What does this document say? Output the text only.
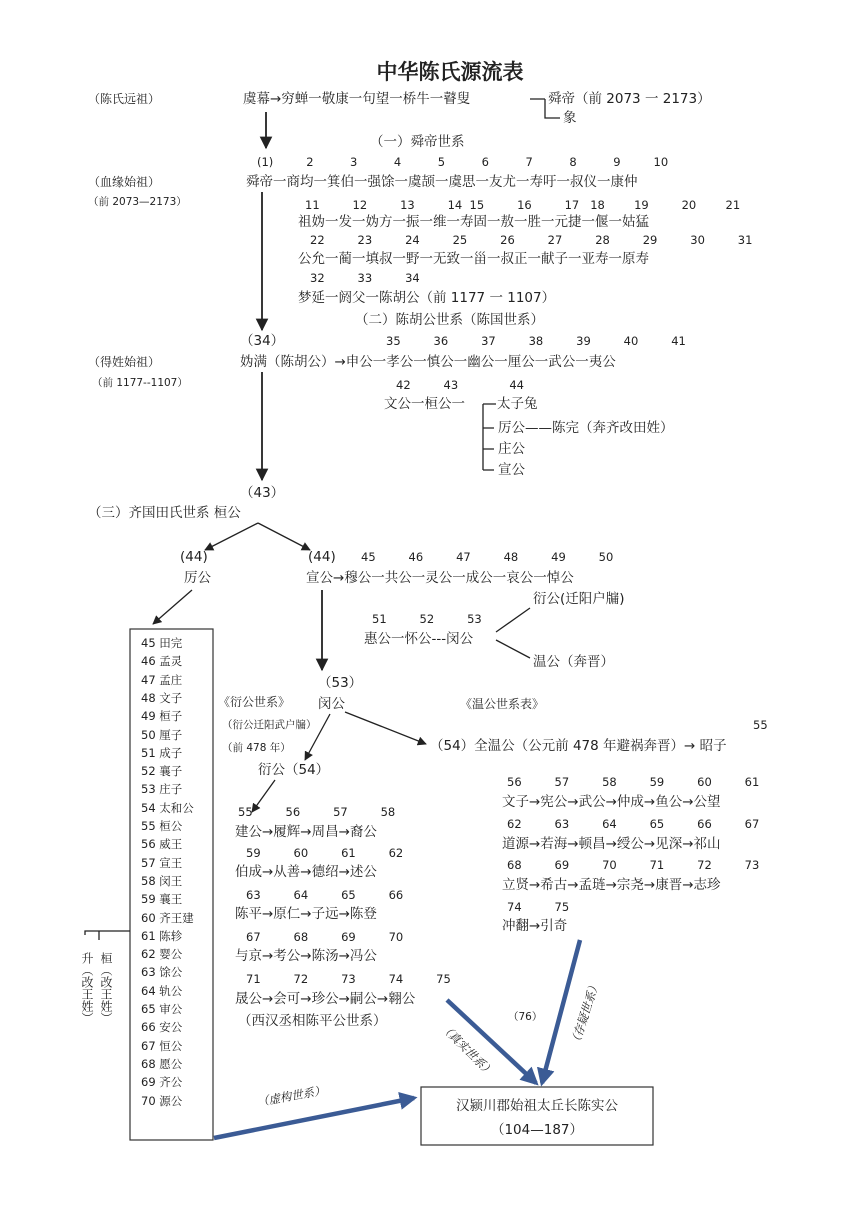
中华陈氏源流表
（陈氏远祖）	虞幕→穷蝉一敬康一句望一桥牛一瞽叟	舜帝（前 2073 一 2173）
象
（一）舜帝世系
（血缘始祖）
（前 2073—2173）
(1)         2          3          4          5          6          7          8          9         10
舜帝一商均一箕伯一强馀一虞颉一虞思一友尤一寿吁一叔仪一康仲
11         12         13         14  15         16         17   18        19         20        21
祖妫一发一妫方一振一维一寿固一敖一胜一元捷一偃一姑猛
22         23         24         25         26         27         28         29         30         31
公允一蔺一填叔一野一无致一甾一叔正一献子一亚寿一原寿
32         33         34
梦延一阏父一陈胡公（前 1177 一 1107）
（二）陈胡公世系（陈国世系）
35         36         37         38         39         40         41
（34）
（得姓始祖）
（前 1177--1107）
妫满（陈胡公）→申公一孝公一慎公一幽公一厘公一武公一夷公
42         43              44
文公一桓公一 太子兔
厉公——陈完（奔齐改田姓）
庄公
宣公
（43）
（三）齐国田氏世系 桓公
(44)
厉公
(44) 45         46         47         48         49         50
宣公→穆公一共公一灵公一成公一哀公一悼公
衍公(迁阳户牖)
51         52         53
惠公一怀公---闵公
温公（奔晋）
（53）
《衍公世系》 闵公	《温公世系表》
（衍公迁阳武户牖）
（前 478 年）
55
（54）全温公（公元前 478 年避祸奔晋）→ 昭子
衍公（54）
45 田完
46 孟灵
47 孟庄
48 文子
49 桓子
50 厘子
51 成子
52 襄子
53 庄子
54 太和公
55 桓公
56 威王
57 宣王
58 闵王
59 襄王
60 齐王建
61 陈轸
62 婴公
63 馀公
64 轨公
65 审公
66 安公
67 恒公
68 愿公
69 齐公
70 源公
升（改王姓） 桓（改王姓）
55         56         57         58
建公→履辉→周昌→裔公
59         60         61         62
伯成→从善→德绍→述公
63         64         65         66
陈平→原仁→子远→陈登
67         68         69         70
与京→考公→陈汤→冯公
71         72         73         74         75
晟公→会可→珍公→嗣公→翱公
（西汉丞相陈平公世系）
56         57         58         59         60         61
文子→宪公→武公→仲成→鱼公→公望
62         63         64         65         66         67
道源→若海→顿昌→绶公→见深→祁山
68         69         70         71         72         73
立贤→希古→孟琏→宗尧→康晋→志珍
74         75
冲翻→引奇
（虚构世系）
（真实世系）
（存疑世系）
（76）
汉颍川郡始祖太丘长陈实公
（104—187）
